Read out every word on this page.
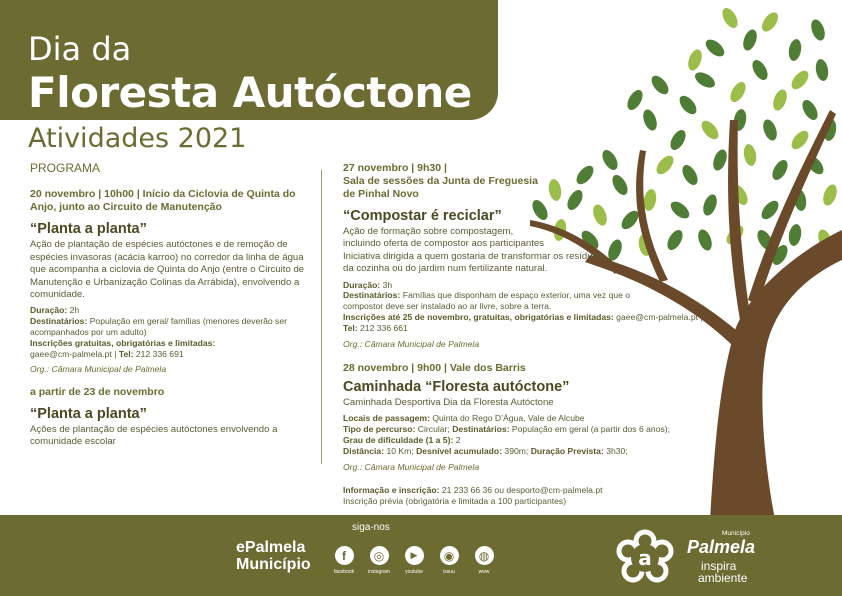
Dia da
Floresta Autóctone
Atividades 2021
PROGRAMA
20 novembro | 10h00 | Início da Ciclovia de Quinta do Anjo, junto ao Circuito de Manutenção
“Planta a planta”
Ação de plantação de espécies autóctones e de remoção de espécies invasoras (acácia karroo) no corredor da linha de água que acompanha a ciclovia de Quinta do Anjo (entre o Circuito de Manutenção e Urbanização Colinas da Arrábida), envolvendo a comunidade.
Duração: 2h
Destinatários: População em geral/ famílias (menores deverão ser acompanhados por um adulto)
Inscrições gratuitas, obrigatórias e limitadas:
gaee@cm-palmela.pt | Tel: 212 336 691
Org.: Câmara Municipal de Palmela
a partir de 23 de novembro
“Planta a planta”
Ações de plantação de espécies autóctones envolvendo a comunidade escolar
27 novembro | 9h30 |
Sala de sessões da Junta de Freguesia
de Pinhal Novo
“Compostar é reciclar”
Ação de formação sobre compostagem,
incluindo oferta de compostor aos participantes
Iniciativa dirigida a quem gostaria de transformar os resíduos
da cozinha ou do jardim num fertilizante natural.
Duração: 3h
Destinatários: Famílias que disponham de espaço exterior, uma vez que o compostor deve ser instalado ao ar livre, sobre a terra.
Inscrições até 25 de novembro, gratuitas, obrigatórias e limitadas: gaee@cm-palmela.pt |
Tel: 212 336 661
Org.: Câmara Municipal de Palmela
28 novembro | 9h00 | Vale dos Barris
Caminhada “Floresta autóctone”
Caminhada Desportiva Dia da Floresta Autóctone
Locais de passagem: Quinta do Rego D’Água, Vale de Alcube
Tipo de percurso: Circular; Destinatários: População em geral (a partir dos 6 anos);
Grau de dificuldade (1 a 5): 2
Distância: 10 Km; Desnível acumulado: 390m; Duração Prevista: 3h30;
Org.: Câmara Municipal de Palmela
Informação e inscrição: 21 233 66 36 ou desporto@cm-palmela.pt
Inscrição prévia (obrigatória e limitada a 100 participantes)
siga-nos
ePalmela
Município
f
facebook
◎
instagram
▶
youtube
◉
issuu
◍
www
a
Município
Palmela
inspira
ambiente
